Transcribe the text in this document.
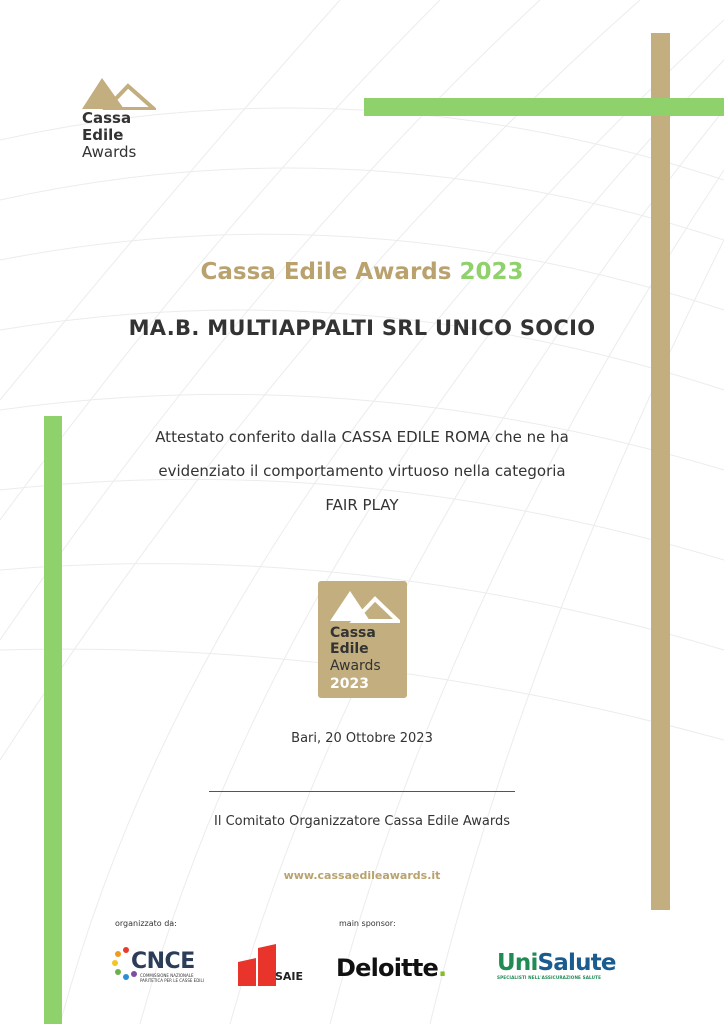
Cassa
Edile
Awards
Cassa Edile Awards 2023
MA.B. MULTIAPPALTI SRL UNICO SOCIO
Attestato conferito dalla CASSA EDILE ROMA che ne ha
evidenziato il comportamento virtuoso nella categoria
FAIR PLAY
Cassa
Edile
Awards
2023
Bari, 20 Ottobre 2023
Il Comitato Organizzatore Cassa Edile Awards
www.cassaedileawards.it
organizzato da:	main sponsor:
CNCE
COMMISSIONE NAZIONALE PARITETICA PER LE CASSE EDILI	SAIE Deloitte. UniSalute
SPECIALISTI NELL'ASSICURAZIONE SALUTE
